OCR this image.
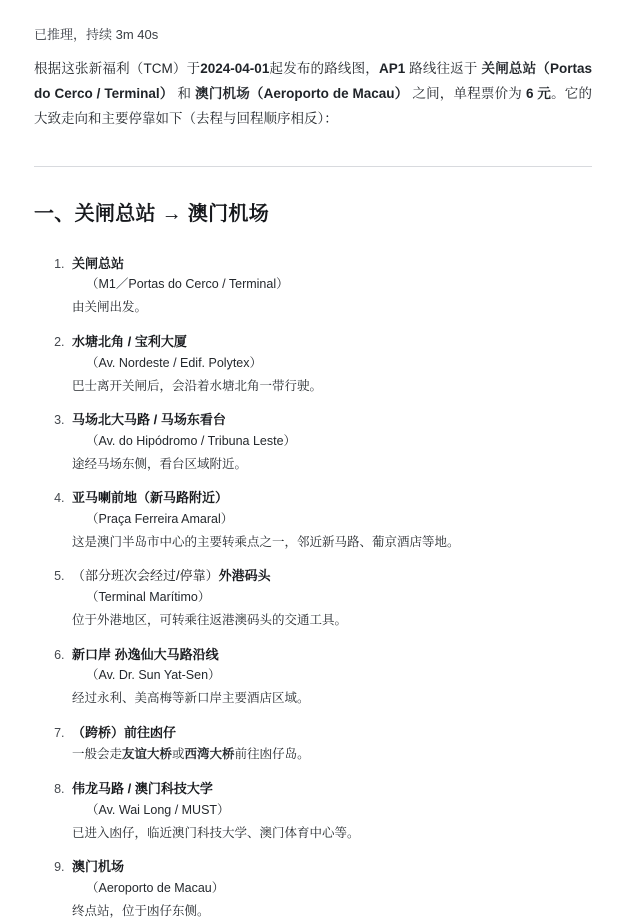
已推理，持续 3m 40s

根据这张新福利（TCM）于2024-04-01起发布的路线图，AP1 路线往返于 关闸总站（Portas do Cerco / Terminal） 和 澳门机场（Aeroporto de Macau） 之间，单程票价为 6 元。它的大致走向和主要停靠如下（去程与回程顺序相反）：

一、关闸总站 → 澳门机场
1. 关闸总站
（M1／Portas do Cerco / Terminal）
由关闸出发。
2. 水塘北角 / 宝利大厦
（Av. Nordeste / Edif. Polytex）
巴士离开关闸后，会沿着水塘北角一带行驶。
3. 马场北大马路 / 马场东看台
（Av. do Hipódromo / Tribuna Leste）
途经马场东侧，看台区域附近。
4. 亚马喇前地（新马路附近）
（Praça Ferreira Amaral）
这是澳门半岛市中心的主要转乘点之一，邻近新马路、葡京酒店等地。
5. （部分班次会经过/停靠）外港码头
（Terminal Marítimo）
位于外港地区，可转乘往返港澳码头的交通工具。
6. 新口岸 孙逸仙大马路沿线
（Av. Dr. Sun Yat-Sen）
经过永利、美高梅等新口岸主要酒店区域。
7. （跨桥）前往凼仔
一般会走友谊大桥或西湾大桥前往凼仔岛。
8. 伟龙马路 / 澳门科技大学
（Av. Wai Long / MUST）
已进入凼仔，临近澳门科技大学、澳门体育中心等。
9. 澳门机场
（Aeroporto de Macau）
终点站，位于凼仔东侧。
